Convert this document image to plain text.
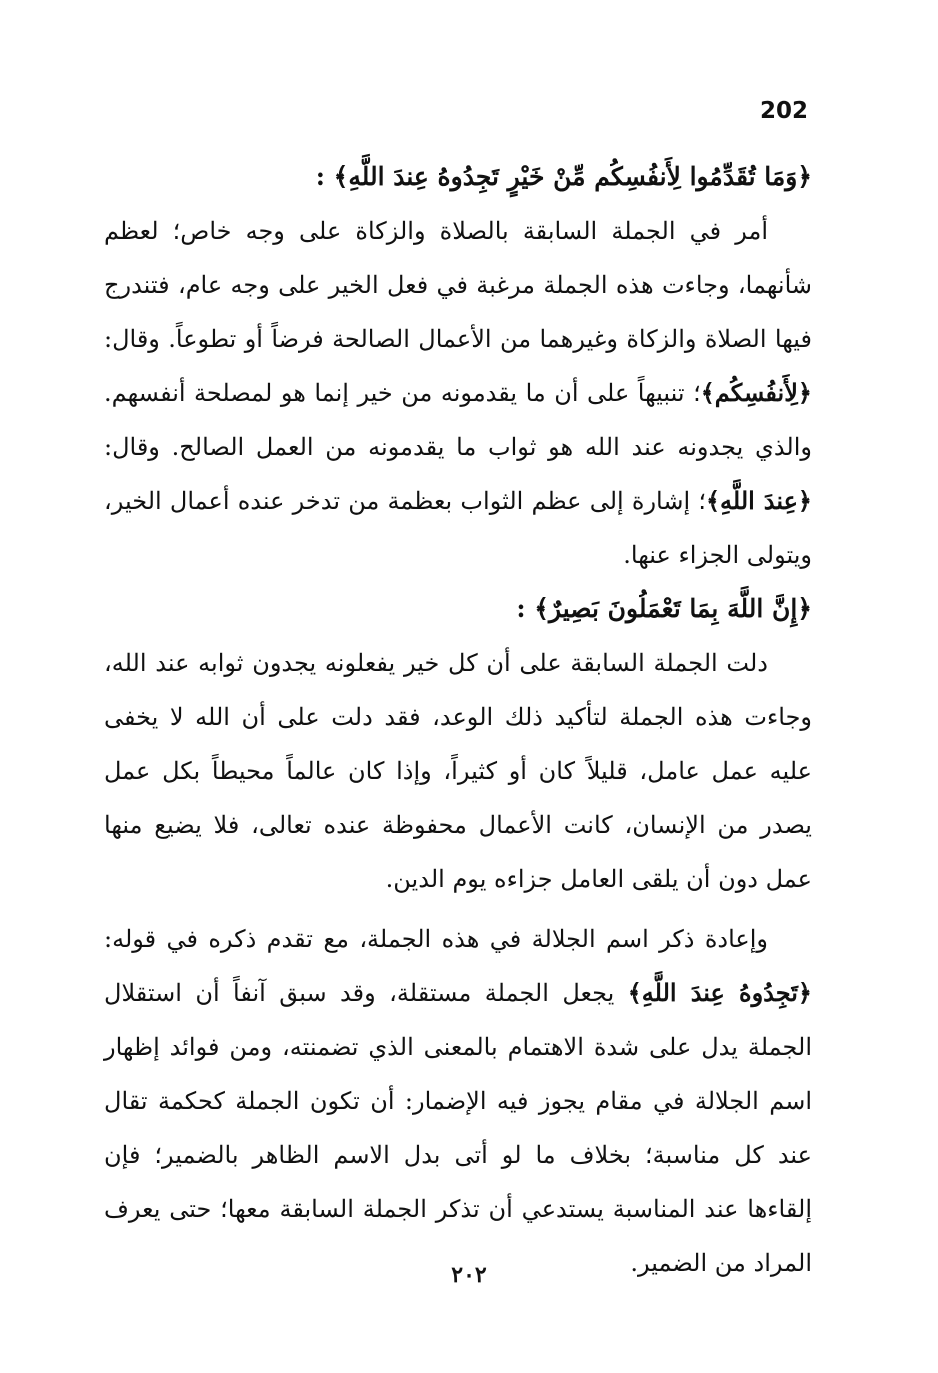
202

﴿وَمَا تُقَدِّمُوا لِأَنفُسِكُم مِّنْ خَيْرٍ تَجِدُوهُ عِندَ اللَّهِ﴾ :

أمر في الجملة السابقة بالصلاة والزكاة على وجه خاص؛ لعظم شأنهما، وجاءت هذه الجملة مرغبة في فعل الخير على وجه عام، فتندرج فيها الصلاة والزكاة وغيرهما من الأعمال الصالحة فرضاً أو تطوعاً. وقال: ﴿لِأَنفُسِكُم﴾؛ تنبيهاً على أن ما يقدمونه من خير إنما هو لمصلحة أنفسهم. والذي يجدونه عند الله هو ثواب ما يقدمونه من العمل الصالح. وقال: ﴿عِندَ اللَّهِ﴾؛ إشارة إلى عظم الثواب بعظمة من تدخر عنده أعمال الخير، ويتولى الجزاء عنها.

﴿إِنَّ اللَّهَ بِمَا تَعْمَلُونَ بَصِيرٌ﴾ :

دلت الجملة السابقة على أن كل خير يفعلونه يجدون ثوابه عند الله، وجاءت هذه الجملة لتأكيد ذلك الوعد، فقد دلت على أن الله لا يخفى عليه عمل عامل، قليلاً كان أو كثيراً، وإذا كان عالماً محيطاً بكل عمل يصدر من الإنسان، كانت الأعمال محفوظة عنده تعالى، فلا يضيع منها عمل دون أن يلقى العامل جزاءه يوم الدين.

وإعادة ذكر اسم الجلالة في هذه الجملة، مع تقدم ذكره في قوله: ﴿تَجِدُوهُ عِندَ اللَّهِ﴾ يجعل الجملة مستقلة، وقد سبق آنفاً أن استقلال الجملة يدل على شدة الاهتمام بالمعنى الذي تضمنته، ومن فوائد إظهار اسم الجلالة في مقام يجوز فيه الإضمار: أن تكون الجملة كحكمة تقال عند كل مناسبة؛ بخلاف ما لو أتى بدل الاسم الظاهر بالضمير؛ فإن إلقاءها عند المناسبة يستدعي أن تذكر الجملة السابقة معها؛ حتى يعرف المراد من الضمير.

٢٠٢
